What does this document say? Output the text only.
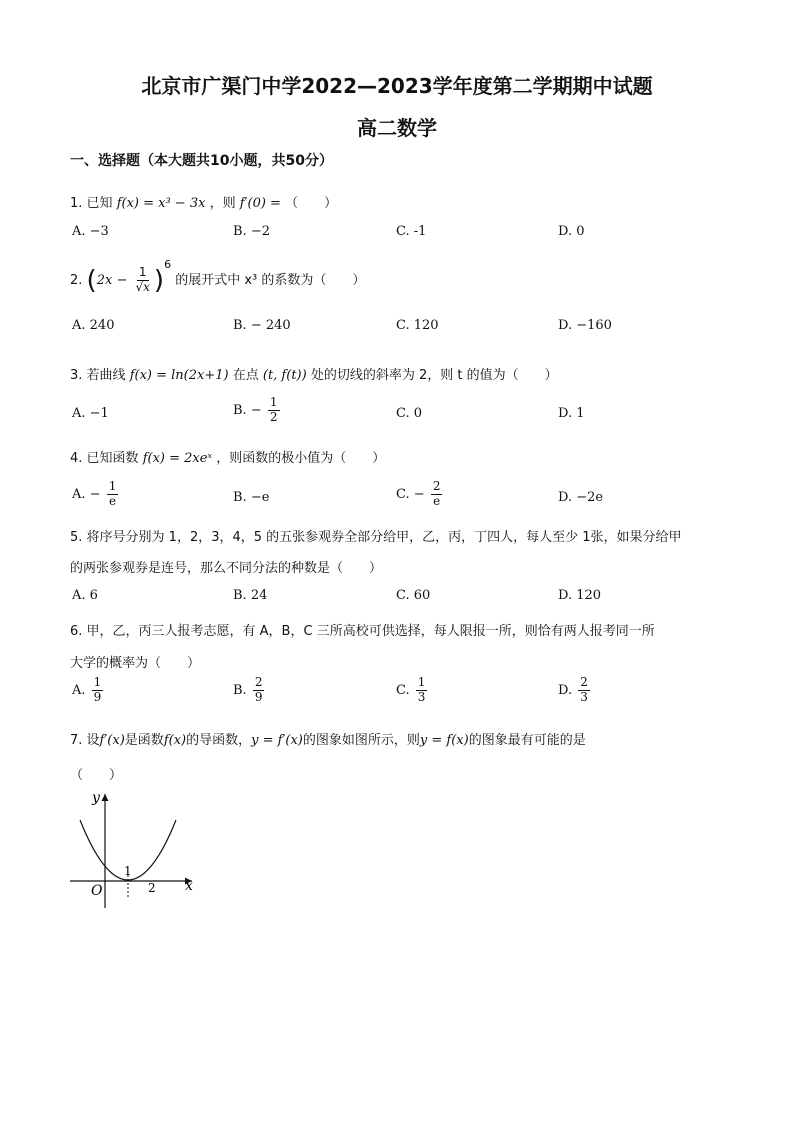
北京市广渠门中学2022—2023学年度第二学期期中试题
高二数学
一、选择题（本大题共10小题，共50分）
1. 已知 f(x) = x³ − 3x ，则 f′(0) = （　　）
A. −3	B. −2	C. -1	D. 0
2. $(2x - \frac{1}{√x} )^6$ 的展开式中 x³ 的系数为（　　）
A. 240	B. − 240	C. 120	D. −160
3. 若曲线 f(x) = ln(2x+1) 在点 (t, f(t)) 处的切线的斜率为 2，则 t 的值为（　　）
A. −1	B. − $\frac{1}{2}$	C. 0	D. 1
4. 已知函数 f(x) = 2xeˣ ，则函数的极小值为（　　）
A. − $\frac{1}{e}$	B. −e	C. − $\frac{2}{e}$	D. −2e
5. 将序号分别为 1，2，3，4，5 的五张参观券全部分给甲，乙，丙，丁四人，每人至少 1张，如果分给甲
的两张参观券是连号，那么不同分法的种数是（　　）
A. 6	B. 24	C. 60	D. 120
6. 甲，乙，丙三人报考志愿，有 A，B，C 三所高校可供选择，每人限报一所，则恰有两人报考同一所
大学的概率为（　　）
A. $\frac{1}{9}$	B. $\frac{2}{9}$	C. $\frac{1}{3}$	D. $\frac{2}{3}$
7. 设f′(x)是函数f(x)的导函数，y = f′(x)的图象如图所示，则y = f(x)的图象最有可能的是
（　　）
y
x
O
1
2
